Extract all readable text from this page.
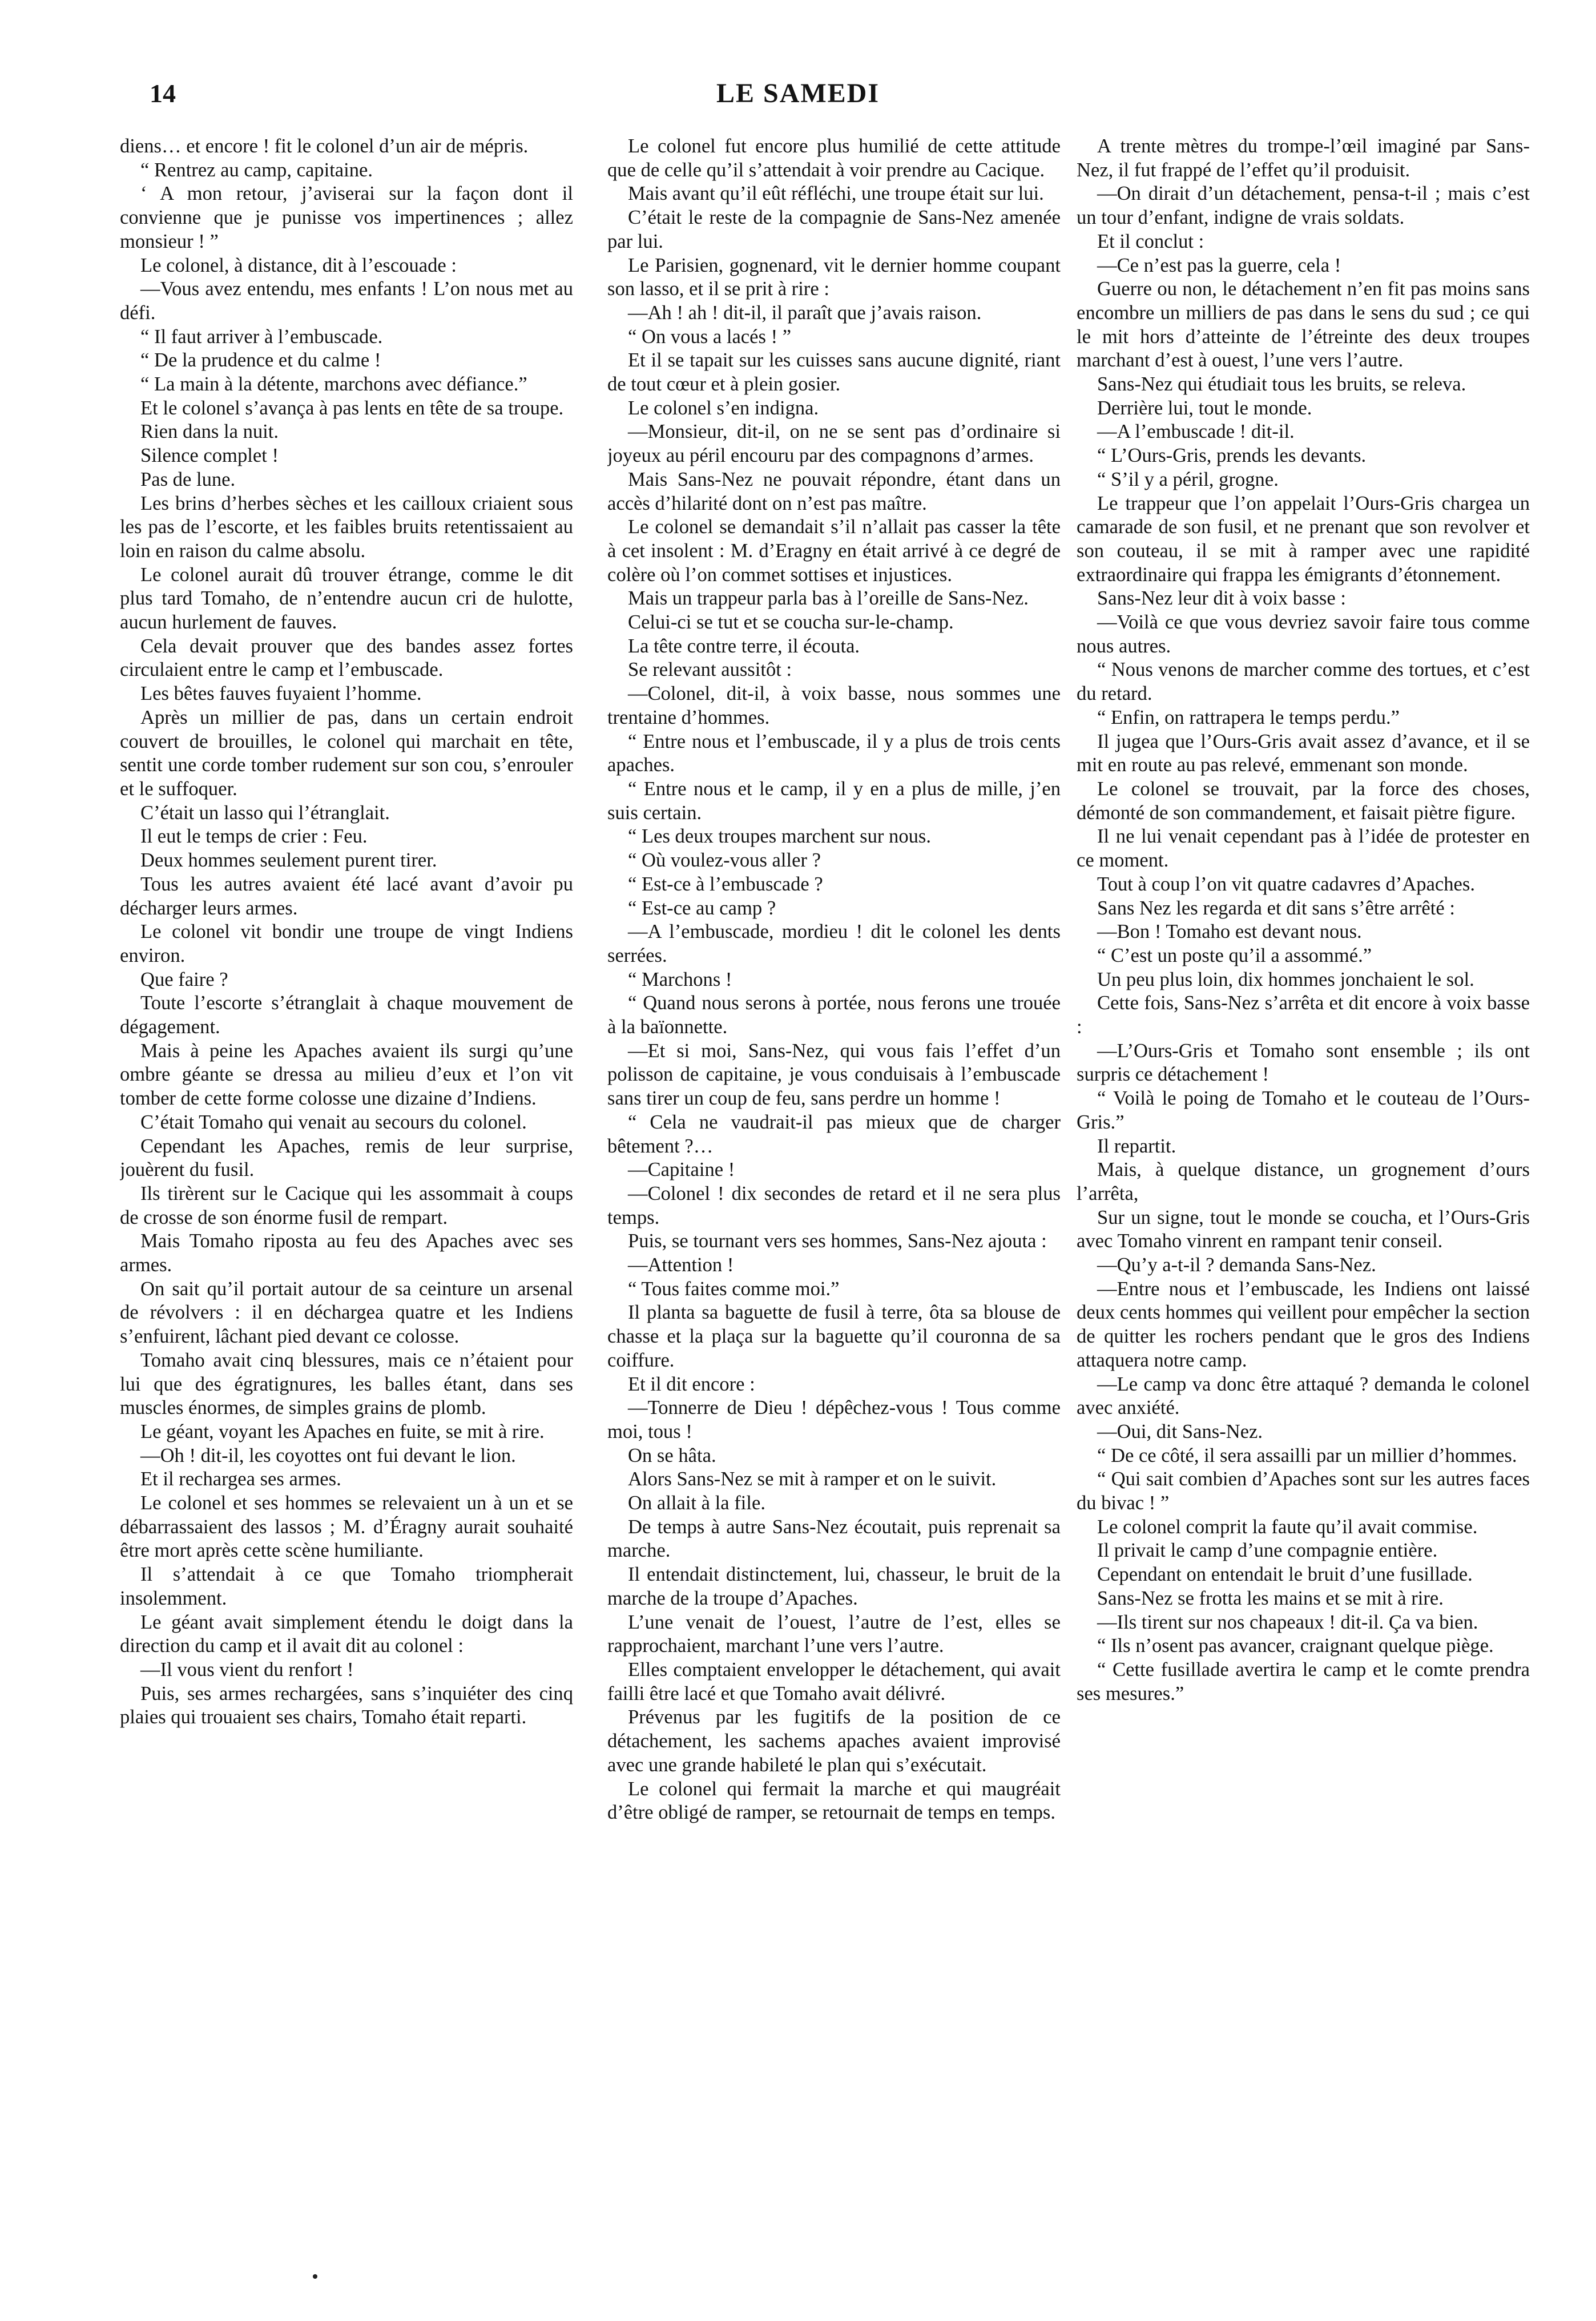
14	LE SAMEDI

diens… et encore ! fit le colonel d’un air de mépris.

“ Rentrez au camp, capitaine.

‘ A mon retour, j’aviserai sur la façon dont il convienne que je punisse vos impertinences ; allez monsieur ! ”

Le colonel, à distance, dit à l’escouade :

—Vous avez entendu, mes enfants ! L’on nous met au défi.

“ Il faut arriver à l’embuscade.

“ De la prudence et du calme !

“ La main à la détente, marchons avec défiance.”

Et le colonel s’avança à pas lents en tête de sa troupe.

Rien dans la nuit.

Silence complet !

Pas de lune.

Les brins d’herbes sèches et les cailloux criaient sous les pas de l’escorte, et les faibles bruits retentissaient au loin en raison du calme absolu.

Le colonel aurait dû trouver étrange, comme le dit plus tard Tomaho, de n’entendre aucun cri de hulotte, aucun hurlement de fauves.

Cela devait prouver que des bandes assez fortes circulaient entre le camp et l’embuscade.

Les bêtes fauves fuyaient l’homme.

Après un millier de pas, dans un certain endroit couvert de brouilles, le colonel qui marchait en tête, sentit une corde tomber rudement sur son cou, s’enrouler et le suffoquer.

C’était un lasso qui l’étranglait.

Il eut le temps de crier : Feu.

Deux hommes seulement purent tirer.

Tous les autres avaient été lacé avant d’avoir pu décharger leurs armes.

Le colonel vit bondir une troupe de vingt Indiens environ.

Que faire ?

Toute l’escorte s’étranglait à chaque mouvement de dégagement.

Mais à peine les Apaches avaient ils surgi qu’une ombre géante se dressa au milieu d’eux et l’on vit tomber de cette forme colosse une dizaine d’Indiens.

C’était Tomaho qui venait au secours du colonel.

Cependant les Apaches, remis de leur surprise, jouèrent du fusil.

Ils tirèrent sur le Cacique qui les assommait à coups de crosse de son énorme fusil de rempart.

Mais Tomaho riposta au feu des Apaches avec ses armes.

On sait qu’il portait autour de sa ceinture un arsenal de révolvers : il en déchargea quatre et les Indiens s’enfuirent, lâchant pied devant ce colosse.

Tomaho avait cinq blessures, mais ce n’étaient pour lui que des égratignures, les balles étant, dans ses muscles énormes, de simples grains de plomb.

Le géant, voyant les Apaches en fuite, se mit à rire.

—Oh ! dit-il, les coyottes ont fui devant le lion.

Et il rechargea ses armes.

Le colonel et ses hommes se relevaient un à un et se débarrassaient des lassos ; M. d’Éragny aurait souhaité être mort après cette scène humiliante.

Il s’attendait à ce que Tomaho triompherait insolemment.

Le géant avait simplement étendu le doigt dans la direction du camp et il avait dit au colonel :

—Il vous vient du renfort !

Puis, ses armes rechargées, sans s’inquiéter des cinq plaies qui trouaient ses chairs, Tomaho était reparti.

Le colonel fut encore plus humilié de cette attitude que de celle qu’il s’attendait à voir prendre au Cacique.

Mais avant qu’il eût réfléchi, une troupe était sur lui.

C’était le reste de la compagnie de Sans-Nez amenée par lui.

Le Parisien, gognenard, vit le dernier homme coupant son lasso, et il se prit à rire :

—Ah ! ah ! dit-il, il paraît que j’avais raison.

“ On vous a lacés ! ”

Et il se tapait sur les cuisses sans aucune dignité, riant de tout cœur et à plein gosier.

Le colonel s’en indigna.

—Monsieur, dit-il, on ne se sent pas d’ordinaire si joyeux au péril encouru par des compagnons d’armes.

Mais Sans-Nez ne pouvait répondre, étant dans un accès d’hilarité dont on n’est pas maître.

Le colonel se demandait s’il n’allait pas casser la tête à cet insolent : M. d’Eragny en était arrivé à ce degré de colère où l’on commet sottises et injustices.

Mais un trappeur parla bas à l’oreille de Sans-Nez.

Celui-ci se tut et se coucha sur-le-champ.

La tête contre terre, il écouta.

Se relevant aussitôt :

—Colonel, dit-il, à voix basse, nous sommes une trentaine d’hommes.

“ Entre nous et l’embuscade, il y a plus de trois cents apaches.

“ Entre nous et le camp, il y en a plus de mille, j’en suis certain.

“ Les deux troupes marchent sur nous.

“ Où voulez-vous aller ?

“ Est-ce à l’embuscade ?

“ Est-ce au camp ?

—A l’embuscade, mordieu ! dit le colonel les dents serrées.

“ Marchons !

“ Quand nous serons à portée, nous ferons une trouée à la baïonnette.

—Et si moi, Sans-Nez, qui vous fais l’effet d’un polisson de capitaine, je vous conduisais à l’embuscade sans tirer un coup de feu, sans perdre un homme !

“ Cela ne vaudrait-il pas mieux que de charger bêtement ?…

—Capitaine !

—Colonel ! dix secondes de retard et il ne sera plus temps.

Puis, se tournant vers ses hommes, Sans-Nez ajouta :

—Attention !

“ Tous faites comme moi.”

Il planta sa baguette de fusil à terre, ôta sa blouse de chasse et la plaça sur la baguette qu’il couronna de sa coiffure.

Et il dit encore :

—Tonnerre de Dieu ! dépêchez-vous ! Tous comme moi, tous !

On se hâta.

Alors Sans-Nez se mit à ramper et on le suivit.

On allait à la file.

De temps à autre Sans-Nez écoutait, puis reprenait sa marche.

Il entendait distinctement, lui, chasseur, le bruit de la marche de la troupe d’Apaches.

L’une venait de l’ouest, l’autre de l’est, elles se rapprochaient, marchant l’une vers l’autre.

Elles comptaient envelopper le détachement, qui avait failli être lacé et que Tomaho avait délivré.

Prévenus par les fugitifs de la position de ce détachement, les sachems apaches avaient improvisé avec une grande habileté le plan qui s’exécutait.

Le colonel qui fermait la marche et qui maugréait d’être obligé de ramper, se retournait de temps en temps.

A trente mètres du trompe-l’œil imaginé par Sans-Nez, il fut frappé de l’effet qu’il produisit.

—On dirait d’un détachement, pensa-t-il ; mais c’est un tour d’enfant, indigne de vrais soldats.

Et il conclut :

—Ce n’est pas la guerre, cela !

Guerre ou non, le détachement n’en fit pas moins sans encombre un milliers de pas dans le sens du sud ; ce qui le mit hors d’atteinte de l’étreinte des deux troupes marchant d’est à ouest, l’une vers l’autre.

Sans-Nez qui étudiait tous les bruits, se releva.

Derrière lui, tout le monde.

—A l’embuscade ! dit-il.

“ L’Ours-Gris, prends les devants.

“ S’il y a péril, grogne.

Le trappeur que l’on appelait l’Ours-Gris chargea un camarade de son fusil, et ne prenant que son revolver et son couteau, il se mit à ramper avec une rapidité extraordinaire qui frappa les émigrants d’étonnement.

Sans-Nez leur dit à voix basse :

—Voilà ce que vous devriez savoir faire tous comme nous autres.

“ Nous venons de marcher comme des tortues, et c’est du retard.

“ Enfin, on rattrapera le temps perdu.”

Il jugea que l’Ours-Gris avait assez d’avance, et il se mit en route au pas relevé, emmenant son monde.

Le colonel se trouvait, par la force des choses, démonté de son commandement, et faisait piètre figure.

Il ne lui venait cependant pas à l’idée de protester en ce moment.

Tout à coup l’on vit quatre cadavres d’Apaches.

Sans Nez les regarda et dit sans s’être arrêté :

—Bon ! Tomaho est devant nous.

“ C’est un poste qu’il a assommé.”

Un peu plus loin, dix hommes jonchaient le sol.

Cette fois, Sans-Nez s’arrêta et dit encore à voix basse :

—L’Ours-Gris et Tomaho sont ensemble ; ils ont surpris ce détachement !

“ Voilà le poing de Tomaho et le couteau de l’Ours-Gris.”

Il repartit.

Mais, à quelque distance, un grognement d’ours l’arrêta,

Sur un signe, tout le monde se coucha, et l’Ours-Gris avec Tomaho vinrent en rampant tenir conseil.

—Qu’y a-t-il ? demanda Sans-Nez.

—Entre nous et l’embuscade, les Indiens ont laissé deux cents hommes qui veillent pour empêcher la section de quitter les rochers pendant que le gros des Indiens attaquera notre camp.

—Le camp va donc être attaqué ? demanda le colonel avec anxiété.

—Oui, dit Sans-Nez.

“ De ce côté, il sera assailli par un millier d’hommes.

“ Qui sait combien d’Apaches sont sur les autres faces du bivac ! ”

Le colonel comprit la faute qu’il avait commise.

Il privait le camp d’une compagnie entière.

Cependant on entendait le bruit d’une fusillade.

Sans-Nez se frotta les mains et se mit à rire.

—Ils tirent sur nos chapeaux ! dit-il. Ça va bien.

“ Ils n’osent pas avancer, craignant quelque piège.

“ Cette fusillade avertira le camp et le comte prendra ses mesures.”
